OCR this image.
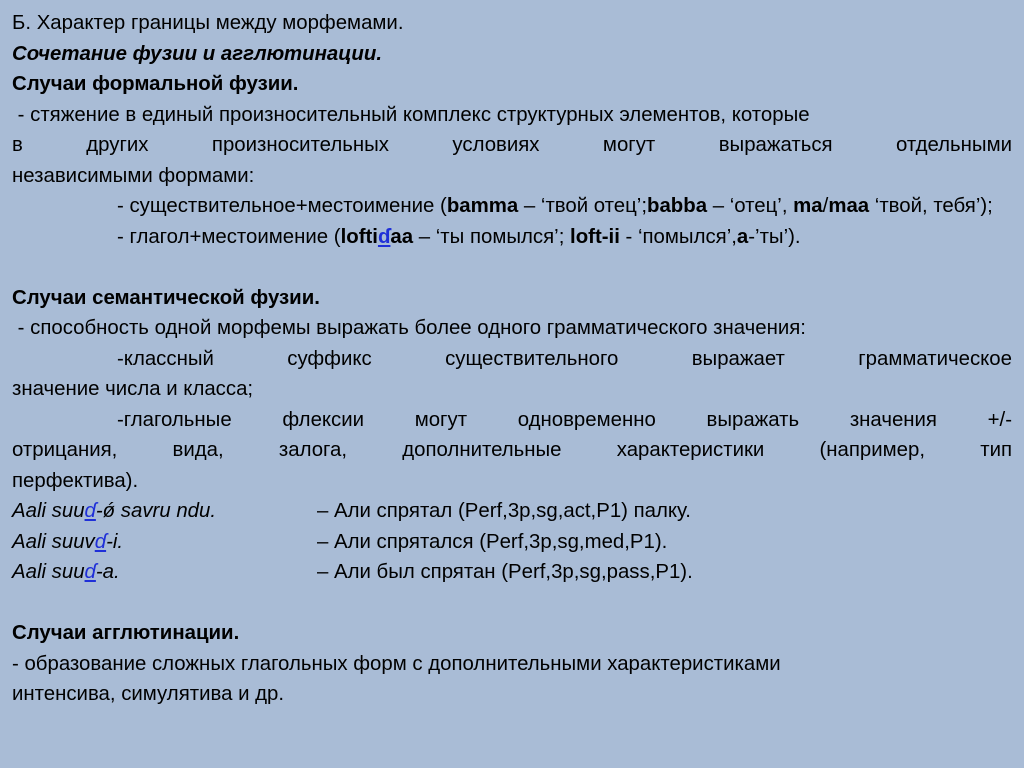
Б. Характер границы между морфемами.
Сочетание фузии и агглютинации.
Случаи формальной фузии.
- стяжение в единый произносительный комплекс структурных элементов, которые
в других произносительных условиях могут выражаться отдельными
независимыми формами:
- существительное+местоимение (bamma – ‘твой отец’;babba – ‘отец’, ma/maa ‘твой, тебя’);
- глагол+местоимение (loftiɗaa – ‘ты помылся’; loft-ii - ‘помылся’,a-’ты’).
Случаи семантической фузии.
- способность одной морфемы выражать более одного грамматического значения:
-классный суффикс существительного выражает грамматическое
значение числа и класса;
-глагольные флексии могут одновременно выражать значения +/-
отрицания, вида, залога, дополнительные характеристики (например, тип
перфектива).
Aali suuɗ-ǿ savru ndu.	– Али спрятал (Perf,3p,sg,act,P1) палку.
Aali suuvɗ-i.	– Али спрятался (Perf,3p,sg,med,P1).
Aali suuɗ-a.	– Али был спрятан (Perf,3p,sg,pass,P1).
Случаи агглютинации.
- образование сложных глагольных форм с дополнительными характеристиками
интенсива, симулятива и др.
